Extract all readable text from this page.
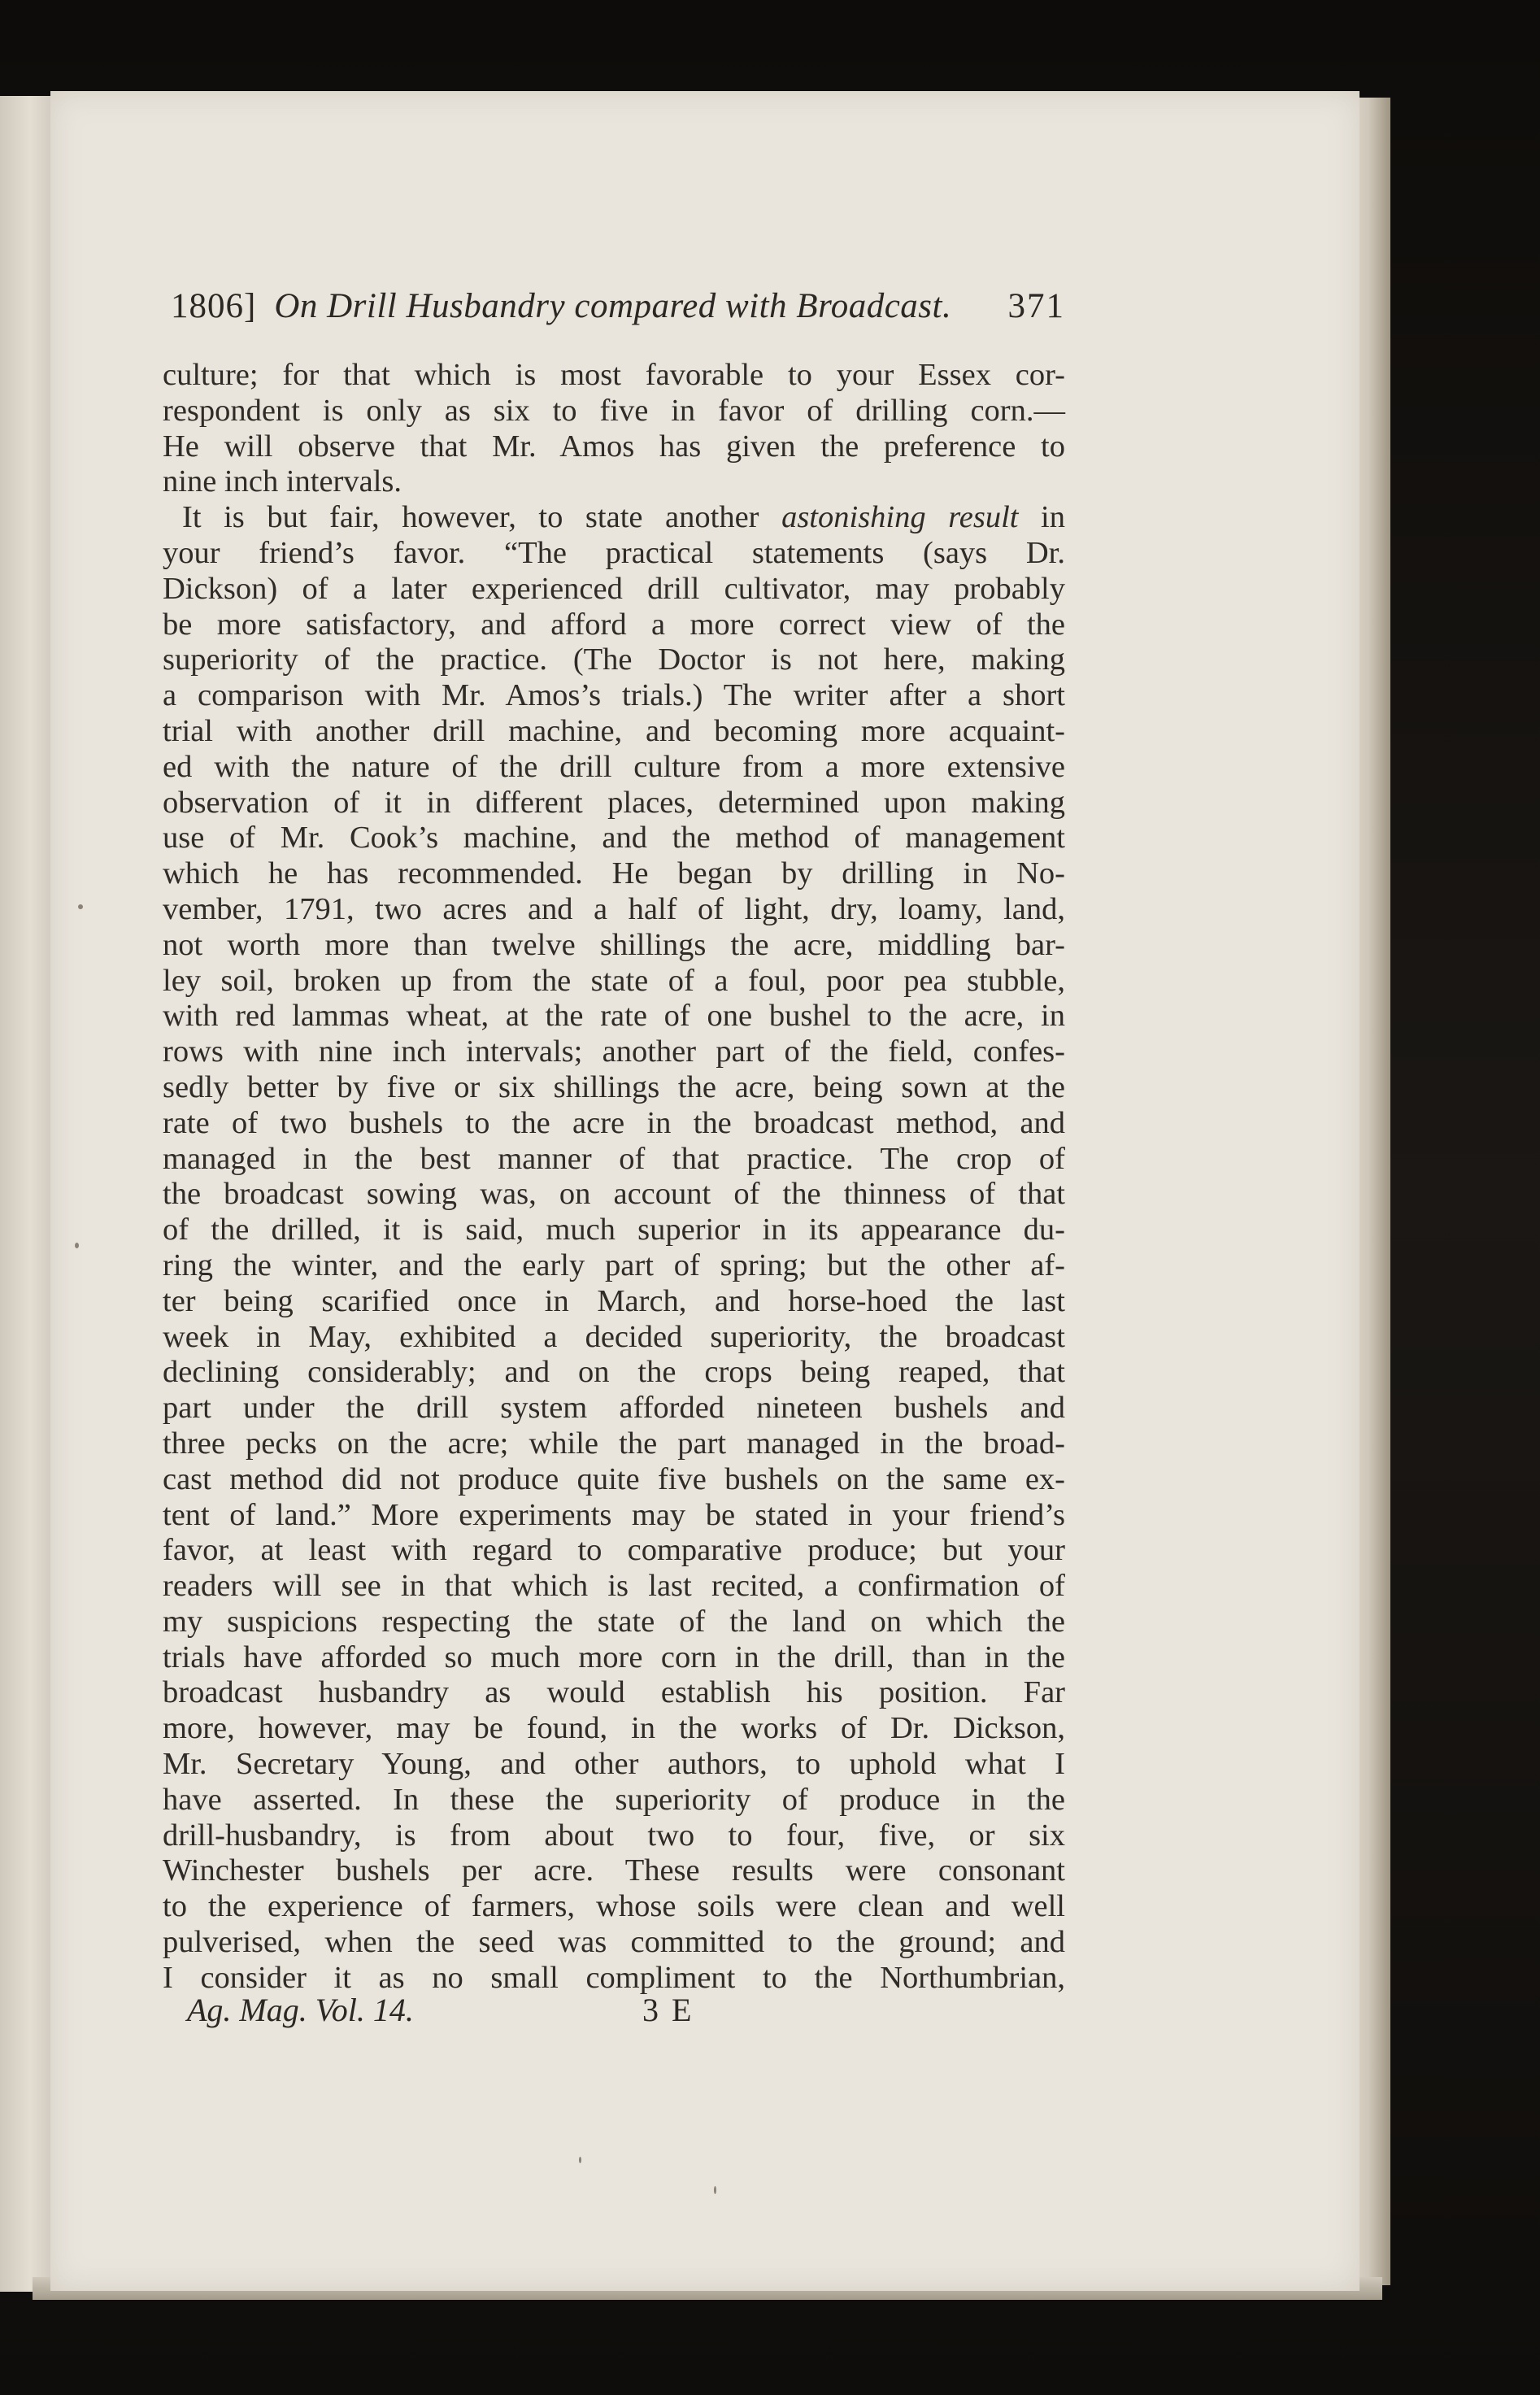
1806] On Drill Husbandry compared with Broadcast.	371
culture; for that which is most favorable to your Essex cor-
respondent is only as six to five in favor of drilling corn.—
He will observe that Mr. Amos has given the preference to
nine inch intervals.
It is but fair, however, to state another astonishing result in
your friend’s favor. “The practical statements (says Dr.
Dickson) of a later experienced drill cultivator, may probably
be more satisfactory, and afford a more correct view of the
superiority of the practice. (The Doctor is not here, making
a comparison with Mr. Amos’s trials.) The writer after a short
trial with another drill machine, and becoming more acquaint-
ed with the nature of the drill culture from a more extensive
observation of it in different places, determined upon making
use of Mr. Cook’s machine, and the method of management
which he has recommended. He began by drilling in No-
vember, 1791, two acres and a half of light, dry, loamy, land,
not worth more than twelve shillings the acre, middling bar-
ley soil, broken up from the state of a foul, poor pea stubble,
with red lammas wheat, at the rate of one bushel to the acre, in
rows with nine inch intervals; another part of the field, confes-
sedly better by five or six shillings the acre, being sown at the
rate of two bushels to the acre in the broadcast method, and
managed in the best manner of that practice. The crop of
the broadcast sowing was, on account of the thinness of that
of the drilled, it is said, much superior in its appearance du-
ring the winter, and the early part of spring; but the other af-
ter being scarified once in March, and horse-hoed the last
week in May, exhibited a decided superiority, the broadcast
declining considerably; and on the crops being reaped, that
part under the drill system afforded nineteen bushels and
three pecks on the acre; while the part managed in the broad-
cast method did not produce quite five bushels on the same ex-
tent of land.” More experiments may be stated in your friend’s
favor, at least with regard to comparative produce; but your
readers will see in that which is last recited, a confirmation of
my suspicions respecting the state of the land on which the
trials have afforded so much more corn in the drill, than in the
broadcast husbandry as would establish his position. Far
more, however, may be found, in the works of Dr. Dickson,
Mr. Secretary Young, and other authors, to uphold what I
have asserted. In these the superiority of produce in the
drill-husbandry, is from about two to four, five, or six
Winchester bushels per acre. These results were consonant
to the experience of farmers, whose soils were clean and well
pulverised, when the seed was committed to the ground; and
I consider it as no small compliment to the Northumbrian,
Ag. Mag. Vol. 14.	3 E
